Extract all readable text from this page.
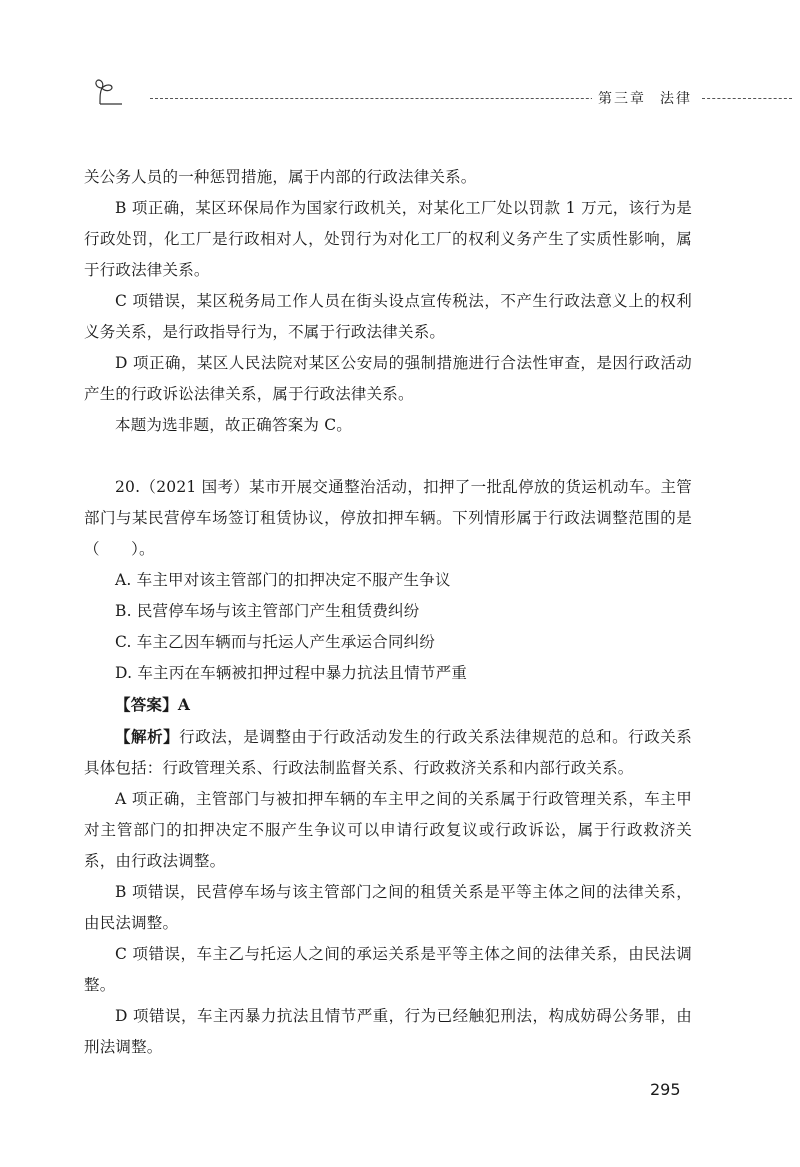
第三章 法律

关公务人员的一种惩罚措施，属于内部的行政法律关系。

B 项正确，某区环保局作为国家行政机关，对某化工厂处以罚款 1 万元，该行为是行政处罚，化工厂是行政相对人，处罚行为对化工厂的权利义务产生了实质性影响，属于行政法律关系。

C 项错误，某区税务局工作人员在街头设点宣传税法，不产生行政法意义上的权利义务关系，是行政指导行为，不属于行政法律关系。

D 项正确，某区人民法院对某区公安局的强制措施进行合法性审查，是因行政活动产生的行政诉讼法律关系，属于行政法律关系。

本题为选非题，故正确答案为 C。

20.（2021 国考）某市开展交通整治活动，扣押了一批乱停放的货运机动车。主管部门与某民营停车场签订租赁协议，停放扣押车辆。下列情形属于行政法调整范围的是（　　）。

A. 车主甲对该主管部门的扣押决定不服产生争议

B. 民营停车场与该主管部门产生租赁费纠纷

C. 车主乙因车辆而与托运人产生承运合同纠纷

D. 车主丙在车辆被扣押过程中暴力抗法且情节严重

【答案】A

【解析】行政法，是调整由于行政活动发生的行政关系法律规范的总和。行政关系具体包括：行政管理关系、行政法制监督关系、行政救济关系和内部行政关系。

A 项正确，主管部门与被扣押车辆的车主甲之间的关系属于行政管理关系，车主甲对主管部门的扣押决定不服产生争议可以申请行政复议或行政诉讼，属于行政救济关系，由行政法调整。

B 项错误，民营停车场与该主管部门之间的租赁关系是平等主体之间的法律关系，由民法调整。

C 项错误，车主乙与托运人之间的承运关系是平等主体之间的法律关系，由民法调整。

D 项错误，车主丙暴力抗法且情节严重，行为已经触犯刑法，构成妨碍公务罪，由刑法调整。

295
